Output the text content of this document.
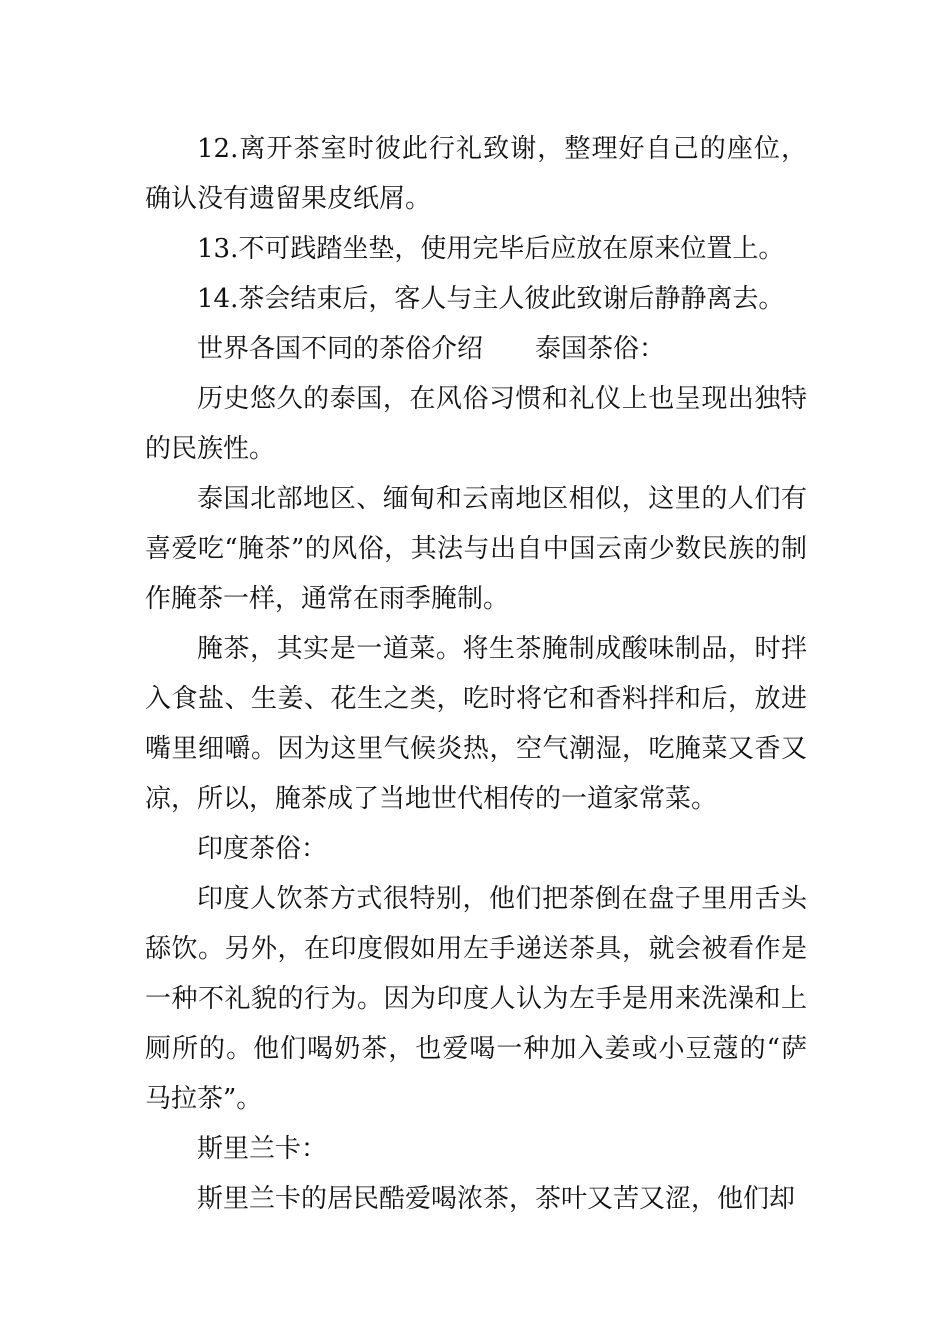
12.离开茶室时彼此行礼致谢，整理好自己的座位，确认没有遗留果皮纸屑。

13.不可践踏坐垫，使用完毕后应放在原来位置上。

14.茶会结束后，客人与主人彼此致谢后静静离去。

世界各国不同的茶俗介绍　　泰国茶俗：

历史悠久的泰国，在风俗习惯和礼仪上也呈现出独特的民族性。

泰国北部地区、缅甸和云南地区相似，这里的人们有喜爱吃“腌茶”的风俗，其法与出自中国云南少数民族的制作腌茶一样，通常在雨季腌制。

腌茶，其实是一道菜。将生茶腌制成酸味制品，时拌入食盐、生姜、花生之类，吃时将它和香料拌和后，放进嘴里细嚼。因为这里气候炎热，空气潮湿，吃腌菜又香又凉，所以，腌茶成了当地世代相传的一道家常菜。

印度茶俗：

印度人饮茶方式很特别，他们把茶倒在盘子里用舌头舔饮。另外，在印度假如用左手递送茶具，就会被看作是一种不礼貌的行为。因为印度人认为左手是用来洗澡和上厕所的。他们喝奶茶，也爱喝一种加入姜或小豆蔻的“萨马拉茶”。

斯里兰卡：

斯里兰卡的居民酷爱喝浓茶，茶叶又苦又涩，他们却
